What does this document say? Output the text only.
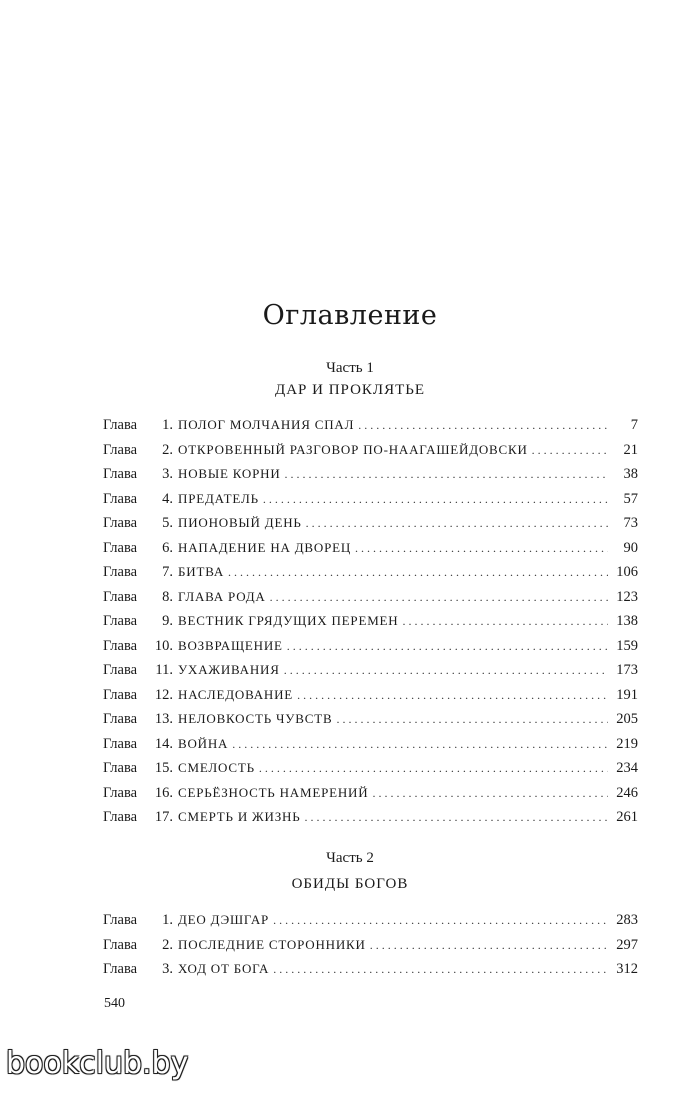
Оглавление
Часть 1
ДАР И ПРОКЛЯТЬЕ
Глава	1. ПОЛОГ МОЛЧАНИЯ СПАЛ . . .	7
Глава	2. ОТКРОВЕННЫЙ РАЗГОВОР ПО-НААГАШЕЙДОВСКИ . . .	21
Глава	3. НОВЫЕ КОРНИ . . .	38
Глава	4. ПРЕДАТЕЛЬ . . .	57
Глава	5. ПИОНОВЫЙ ДЕНЬ . . .	73
Глава	6. НАПАДЕНИЕ НА ДВОРЕЦ . . .	90
Глава	7. БИТВА . . .	106
Глава	8. ГЛАВА РОДА . . .	123
Глава	9. ВЕСТНИК ГРЯДУЩИХ ПЕРЕМЕН . . .	138
Глава	10. ВОЗВРАЩЕНИЕ . . .	159
Глава	11. УХАЖИВАНИЯ . . .	173
Глава	12. НАСЛЕДОВАНИЕ . . .	191
Глава	13. НЕЛОВКОСТЬ ЧУВСТВ . . .	205
Глава	14. ВОЙНА . . .	219
Глава	15. СМЕЛОСТЬ . . .	234
Глава	16. СЕРЬЁЗНОСТЬ НАМЕРЕНИЙ . . .	246
Глава	17. СМЕРТЬ И ЖИЗНЬ . . .	261
Часть 2
ОБИДЫ БОГОВ
Глава	1. ДЕО ДЭШГАР . . .	283
Глава	2. ПОСЛЕДНИЕ СТОРОННИКИ . . .	297
Глава	3. ХОД ОТ БОГА . . .	312
540
bookclub.by
